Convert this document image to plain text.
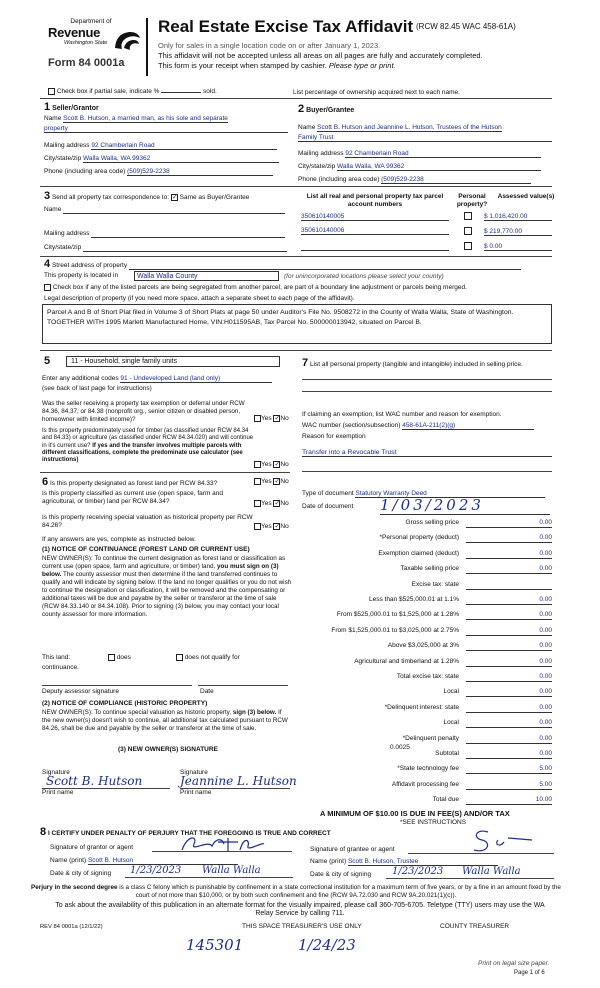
Department of
Revenue
Washington State
Form 84 0001a
Real Estate Excise Tax Affidavit (RCW 82.45 WAC 458-61A)
Only for sales in a single location code on or after January 1, 2023.
This affidavit will not be accepted unless all areas on all pages are fully and accurately completed.
This form is your receipt when stamped by cashier. Please type or print.
Check box if partial sale, indicate %	sold.	List percentage of ownership acquired next to each name.
1 Seller/Grantor
Name Scott B. Hutson, a married man, as his sole and separate
property
Mailing address 92 Chamberlain Road
City/state/zip Walla Walla, WA 99362
Phone (including area code) (509)529-2238
2 Buyer/Grantee
Name Scott B. Hutson and Jeannine L. Hutson, Trustees of the Hutson
Family Trust
Mailing address 92 Chamberlain Road
City/state/zip Walla Walla, WA 99362
Phone (including area code) (509)529-2238
3 Send all property tax correspondence to: ✓ Same as Buyer/Grantee
Name
Mailing address
City/state/zip
List all real and personal property tax parcel account numbers
Personal property?
Assessed value(s)
350610140005	$ 1,016,420.00
350610140006	$ 219,770.00
$ 0.00
4 Street address of property
This property is located in	Walla Walla County	(for unincorporated locations please select your county)
Check box if any of the listed parcels are being segregated from another parcel, are part of a boundary line adjustment or parcels being merged.
Legal description of property (if you need more space, attach a separate sheet to each page of the affidavit).
Parcel A and B of Short Plat filed in Volume 3 of Short Plats at page 50 under Auditor's File No. 9508272 in the County of Walla Walla, State of Washington. TOGETHER WITH 1995 Marlett Manufactured Home, VIN:H011595AB, Tax Parcel No. 500000013942, situated on Parcel B.
5	11 - Household, single family units
Enter any additional codes 91 - Undeveloped Land (land only)
(see back of last page for instructions)
Was the seller receiving a property tax exemption or deferral under RCW 84.36, 84.37, or 84.38 (nonprofit org., senior citizen or disabled person, homeowner with limited income)?	Yes ✓ No
Is this property predominately used for timber (as classified under RCW 84.34 and 84.33) or agriculture (as classified under RCW 84.34.020) and will continue in it's current use? If yes and the transfer involves multiple parcels with different classifications, complete the predominate use calculator (see instructions)
Yes ✓ No
6 Is this property designated as forest land per RCW 84.33?	Yes ✓ No
Is this property classified as current use (open space, farm and agricultural, or timber) land per RCW 84.34?	Yes ✓ No
Is this property receiving special valuation as historical property per RCW 84.26?	Yes ✓ No
If any answers are yes, complete as instructed below.
(1) NOTICE OF CONTINUANCE (FOREST LAND OR CURRENT USE)
NEW OWNER(S): To continue the current designation as forest land or classification as current use (open space, farm and agriculture, or timber) land, you must sign on (3) below. The county assessor must then determine if the land transferred continues to qualify and will indicate by signing below. If the land no longer qualifies or you do not wish to continue the designation or classification, it will be removed and the compensating or additional taxes will be due and payable by the seller or transferor at the time of sale (RCW 84.33.140 or 84.34.108). Prior to signing (3) below, you may contact your local county assessor for more information.
This land:	does	does not qualify for
continuance.
Deputy assessor signature	Date
(2) NOTICE OF COMPLIANCE (HISTORIC PROPERTY)
NEW OWNER(S): To continue special valuation as historic property, sign (3) below. If the new owner(s) doesn't wish to continue, all additional tax calculated pursuant to RCW 84.26, shall be due and payable by the seller or transferor at the time of sale.
(3) NEW OWNER(S) SIGNATURE
Signature
Scott B. Hutson
Print name
Signature
Jeannine L. Hutson
Print name
7 List all personal property (tangible and intangible) included in selling price.
If claiming an exemption, list WAC number and reason for exemption.
WAC number (section/subsection) 458-61A-211(2)(g)
Reason for exemption
Transfer into a Revocable Trust
Type of document Statutory Warranty Deed
Date of document 1/03/2023
Gross selling price	0.00
*Personal property (deduct)	0.00
Exemption claimed (deduct)	0.00
Taxable selling price	0.00
Excise tax: state
Less than $525,000.01 at 1.1%	0.00
From $525,000.01 to $1,525,000 at 1.28%	0.00
From $1,525,000.01 to $3,025,000 at 2.75%	0.00
Above $3,025,000 at 3%	0.00
Agricultural and timberland at 1.28%	0.00
Total excise tax: state	0.00
Local	0.00
*Delinquent interest: state	0.00
Local	0.00
*Delinquent penalty	0.00
Subtotal	0.00
*State technology fee	5.00
Affidavit processing fee	5.00
Total due	10.00
0.0025
A MINIMUM OF $10.00 IS DUE IN FEE(S) AND/OR TAX
*SEE INSTRUCTIONS
8 I CERTIFY UNDER PENALTY OF PERJURY THAT THE FOREGOING IS TRUE AND CORRECT
Signature of grantor or agent
Name (print) Scott B. Hutson
Date & city of signing 1/23/2023 Walla Walla
Signature of grantee or agent
Name (print) Scott B. Hutson, Trustee
Date & city of signing 1/23/2023 Walla Walla
Perjury in the second degree is a class C felony which is punishable by confinement in a state correctional institution for a maximum term of five years, or by a fine in an amount fixed by the court of not more than $10,000, or by both such confinement and fine (RCW 9A.72.030 and RCW 9A.20.021(1)(c)).
To ask about the availability of this publication in an alternate format for the visually impaired, please call 360-705-6705. Teletype (TTY) users may use the WA Relay Service by calling 711.
REV 84 0001a (12/1/22)	THIS SPACE TREASURER'S USE ONLY	COUNTY TREASURER
145301	1/24/23
Print on legal size paper.
Page 1 of 6
